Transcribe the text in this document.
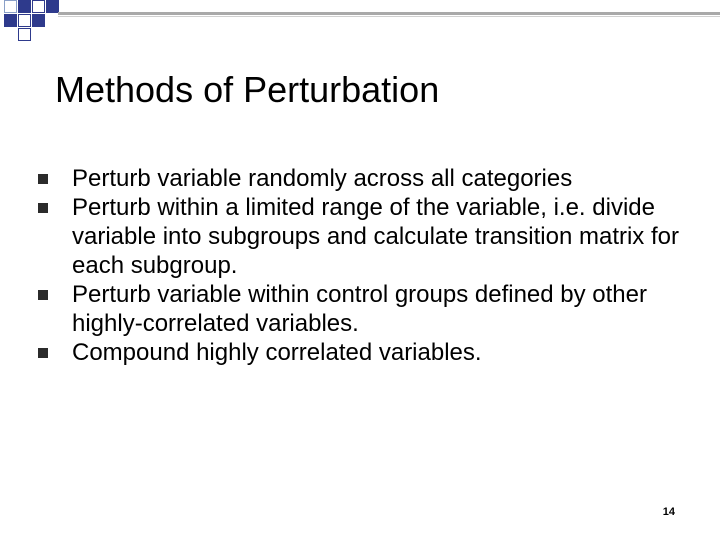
Methods of Perturbation
Perturb variable randomly across all categories
Perturb within a limited range of the variable, i.e. divide variable into subgroups and calculate transition matrix for each subgroup.
Perturb variable within control groups defined by other highly-correlated variables.
Compound highly correlated variables.
14
